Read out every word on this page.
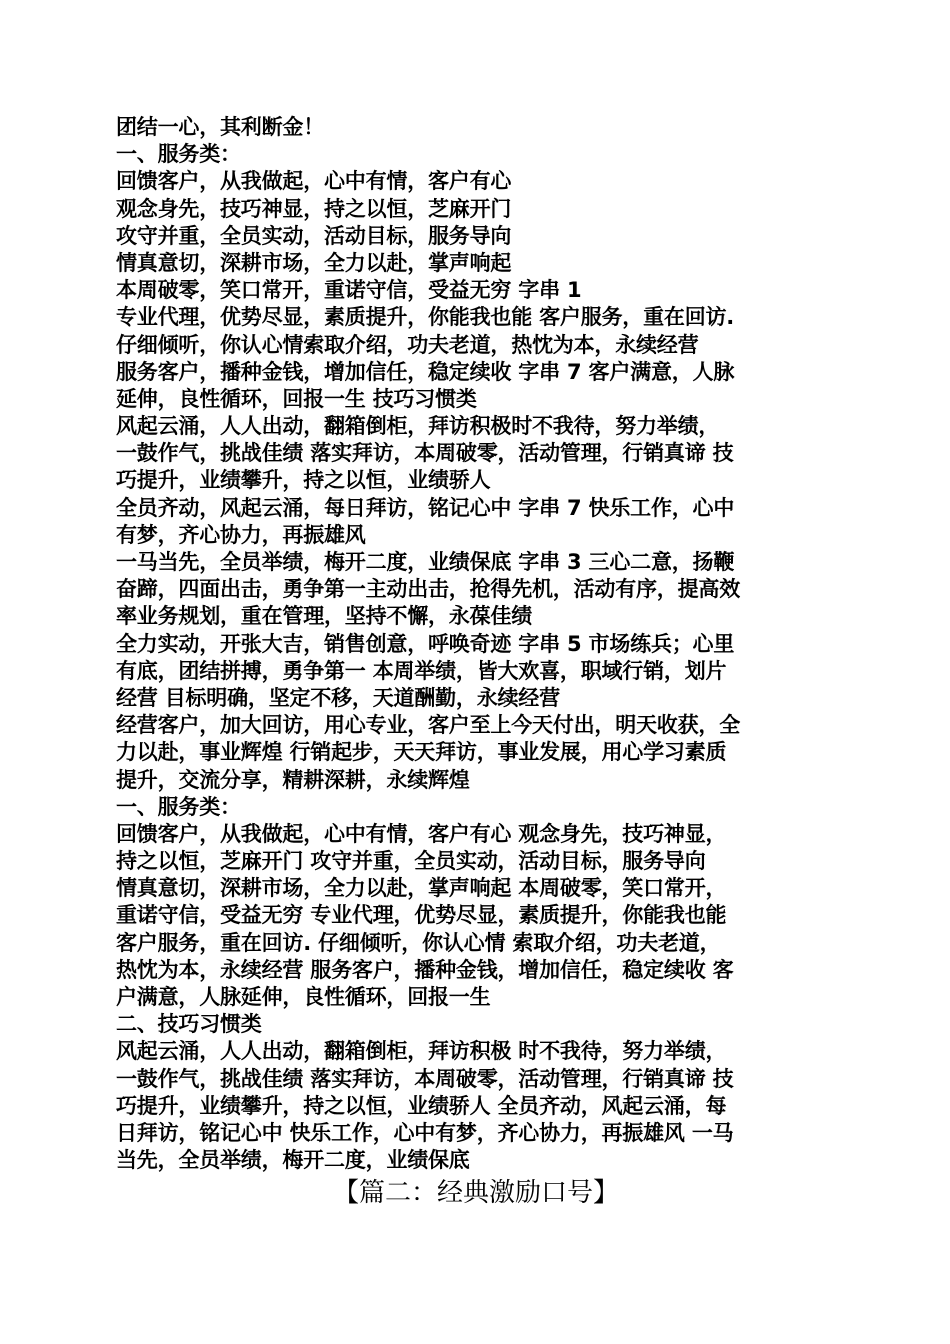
团结一心，其利断金！
一、服务类：
回馈客户，从我做起，心中有情，客户有心
观念身先，技巧神显，持之以恒，芝麻开门
攻守并重，全员实动，活动目标，服务导向
情真意切，深耕市场，全力以赴，掌声响起
本周破零，笑口常开，重诺守信，受益无穷 字串 1
专业代理，优势尽显，素质提升，你能我也能 客户服务，重在回访.
仔细倾听，你认心情索取介绍，功夫老道，热忱为本，永续经营
服务客户，播种金钱，增加信任，稳定续收 字串 7 客户满意，人脉
延伸，良性循环，回报一生 技巧习惯类
风起云涌，人人出动，翻箱倒柜，拜访积极时不我待，努力举绩，
一鼓作气，挑战佳绩 落实拜访，本周破零，活动管理，行销真谛 技
巧提升，业绩攀升，持之以恒，业绩骄人
全员齐动，风起云涌，每日拜访，铭记心中 字串 7 快乐工作，心中
有梦，齐心协力，再振雄风
一马当先，全员举绩，梅开二度，业绩保底 字串 3 三心二意，扬鞭
奋蹄，四面出击，勇争第一主动出击，抢得先机，活动有序，提高效
率业务规划，重在管理，坚持不懈，永葆佳绩
全力实动，开张大吉，销售创意，呼唤奇迹 字串 5 市场练兵；心里
有底，团结拼搏，勇争第一 本周举绩，皆大欢喜，职域行销，划片
经营 目标明确，坚定不移，天道酬勤，永续经营
经营客户，加大回访，用心专业，客户至上今天付出，明天收获，全
力以赴，事业辉煌 行销起步，天天拜访，事业发展，用心学习素质
提升，交流分享，精耕深耕，永续辉煌
一、服务类：
回馈客户，从我做起，心中有情，客户有心 观念身先，技巧神显，
持之以恒，芝麻开门 攻守并重，全员实动，活动目标，服务导向
情真意切，深耕市场，全力以赴，掌声响起 本周破零，笑口常开，
重诺守信，受益无穷 专业代理，优势尽显，素质提升，你能我也能
客户服务，重在回访. 仔细倾听，你认心情 索取介绍，功夫老道，
热忱为本，永续经营 服务客户，播种金钱，增加信任，稳定续收 客
户满意，人脉延伸，良性循环，回报一生
二、技巧习惯类
风起云涌，人人出动，翻箱倒柜，拜访积极 时不我待，努力举绩，
一鼓作气，挑战佳绩 落实拜访，本周破零，活动管理，行销真谛 技
巧提升，业绩攀升，持之以恒，业绩骄人 全员齐动，风起云涌，每
日拜访，铭记心中 快乐工作，心中有梦，齐心协力，再振雄风 一马
当先，全员举绩，梅开二度，业绩保底
【篇二：经典激励口号】
